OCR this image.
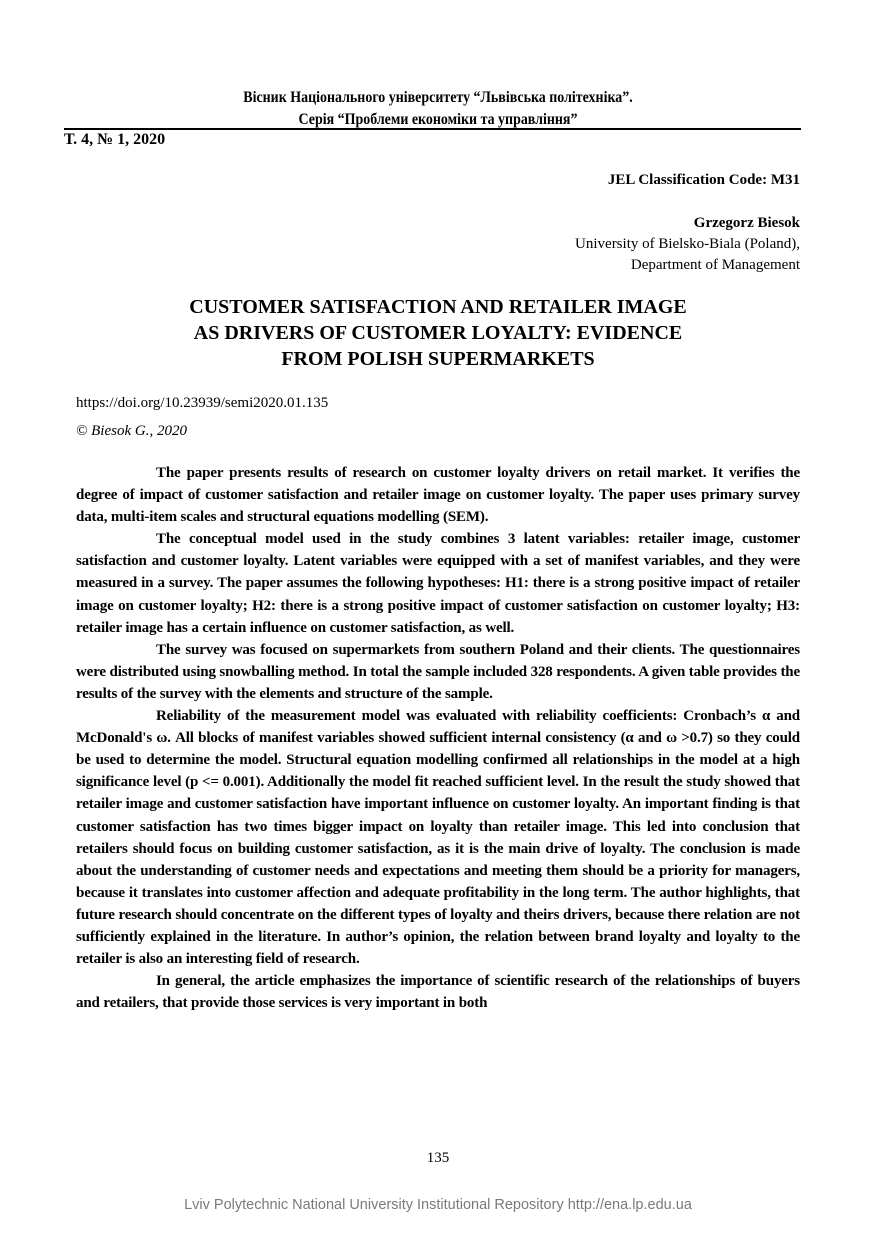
Вісник Національного університету “Львівська політехніка”.
Серія “Проблеми економіки та управління”
Т. 4, № 1, 2020
JEL Classification Code: M31
Grzegorz Biesok
University of Bielsko-Biala (Poland),
Department of Management
CUSTOMER SATISFACTION AND RETAILER IMAGE
AS DRIVERS OF CUSTOMER LOYALTY: EVIDENCE
FROM POLISH SUPERMARKETS
https://doi.org/10.23939/semi2020.01.135
© Biesok G., 2020

The paper presents results of research on customer loyalty drivers on retail market. It verifies the degree of impact of customer satisfaction and retailer image on customer loyalty. The paper uses primary survey data, multi-item scales and structural equations modelling (SEM).

The conceptual model used in the study combines 3 latent variables: retailer image, customer satisfaction and customer loyalty. Latent variables were equipped with a set of manifest variables, and they were measured in a survey. The paper assumes the following hypotheses: H1: there is a strong positive impact of retailer image on customer loyalty; H2: there is a strong positive impact of customer satisfaction on customer loyalty; H3: retailer image has a certain influence on customer satisfaction, as well.

The survey was focused on supermarkets from southern Poland and their clients. The questionnaires were distributed using snowballing method. In total the sample included 328 respondents. A given table provides the results of the survey with the elements and structure of the sample.

Reliability of the measurement model was evaluated with reliability coefficients: Cronbach’s α and McDonald's ω. All blocks of manifest variables showed sufficient internal consistency (α and ω >0.7) so they could be used to determine the model. Structural equation modelling confirmed all relationships in the model at a high significance level (p <= 0.001). Additionally the model fit reached sufficient level. In the result the study showed that retailer image and customer satisfaction have important influence on customer loyalty. An important finding is that customer satisfaction has two times bigger impact on loyalty than retailer image. This led into conclusion that retailers should focus on building customer satisfaction, as it is the main drive of loyalty. The conclusion is made about the understanding of customer needs and expectations and meeting them should be a priority for managers, because it translates into customer affection and adequate profitability in the long term. The author highlights, that future research should concentrate on the different types of loyalty and theirs drivers, because there relation are not sufficiently explained in the literature. In author’s opinion, the relation between brand loyalty and loyalty to the retailer is also an interesting field of research.

In general, the article emphasizes the importance of scientific research of the relationships of buyers and retailers, that provide those services is very important in both

135
Lviv Polytechnic National University Institutional Repository http://ena.lp.edu.ua
